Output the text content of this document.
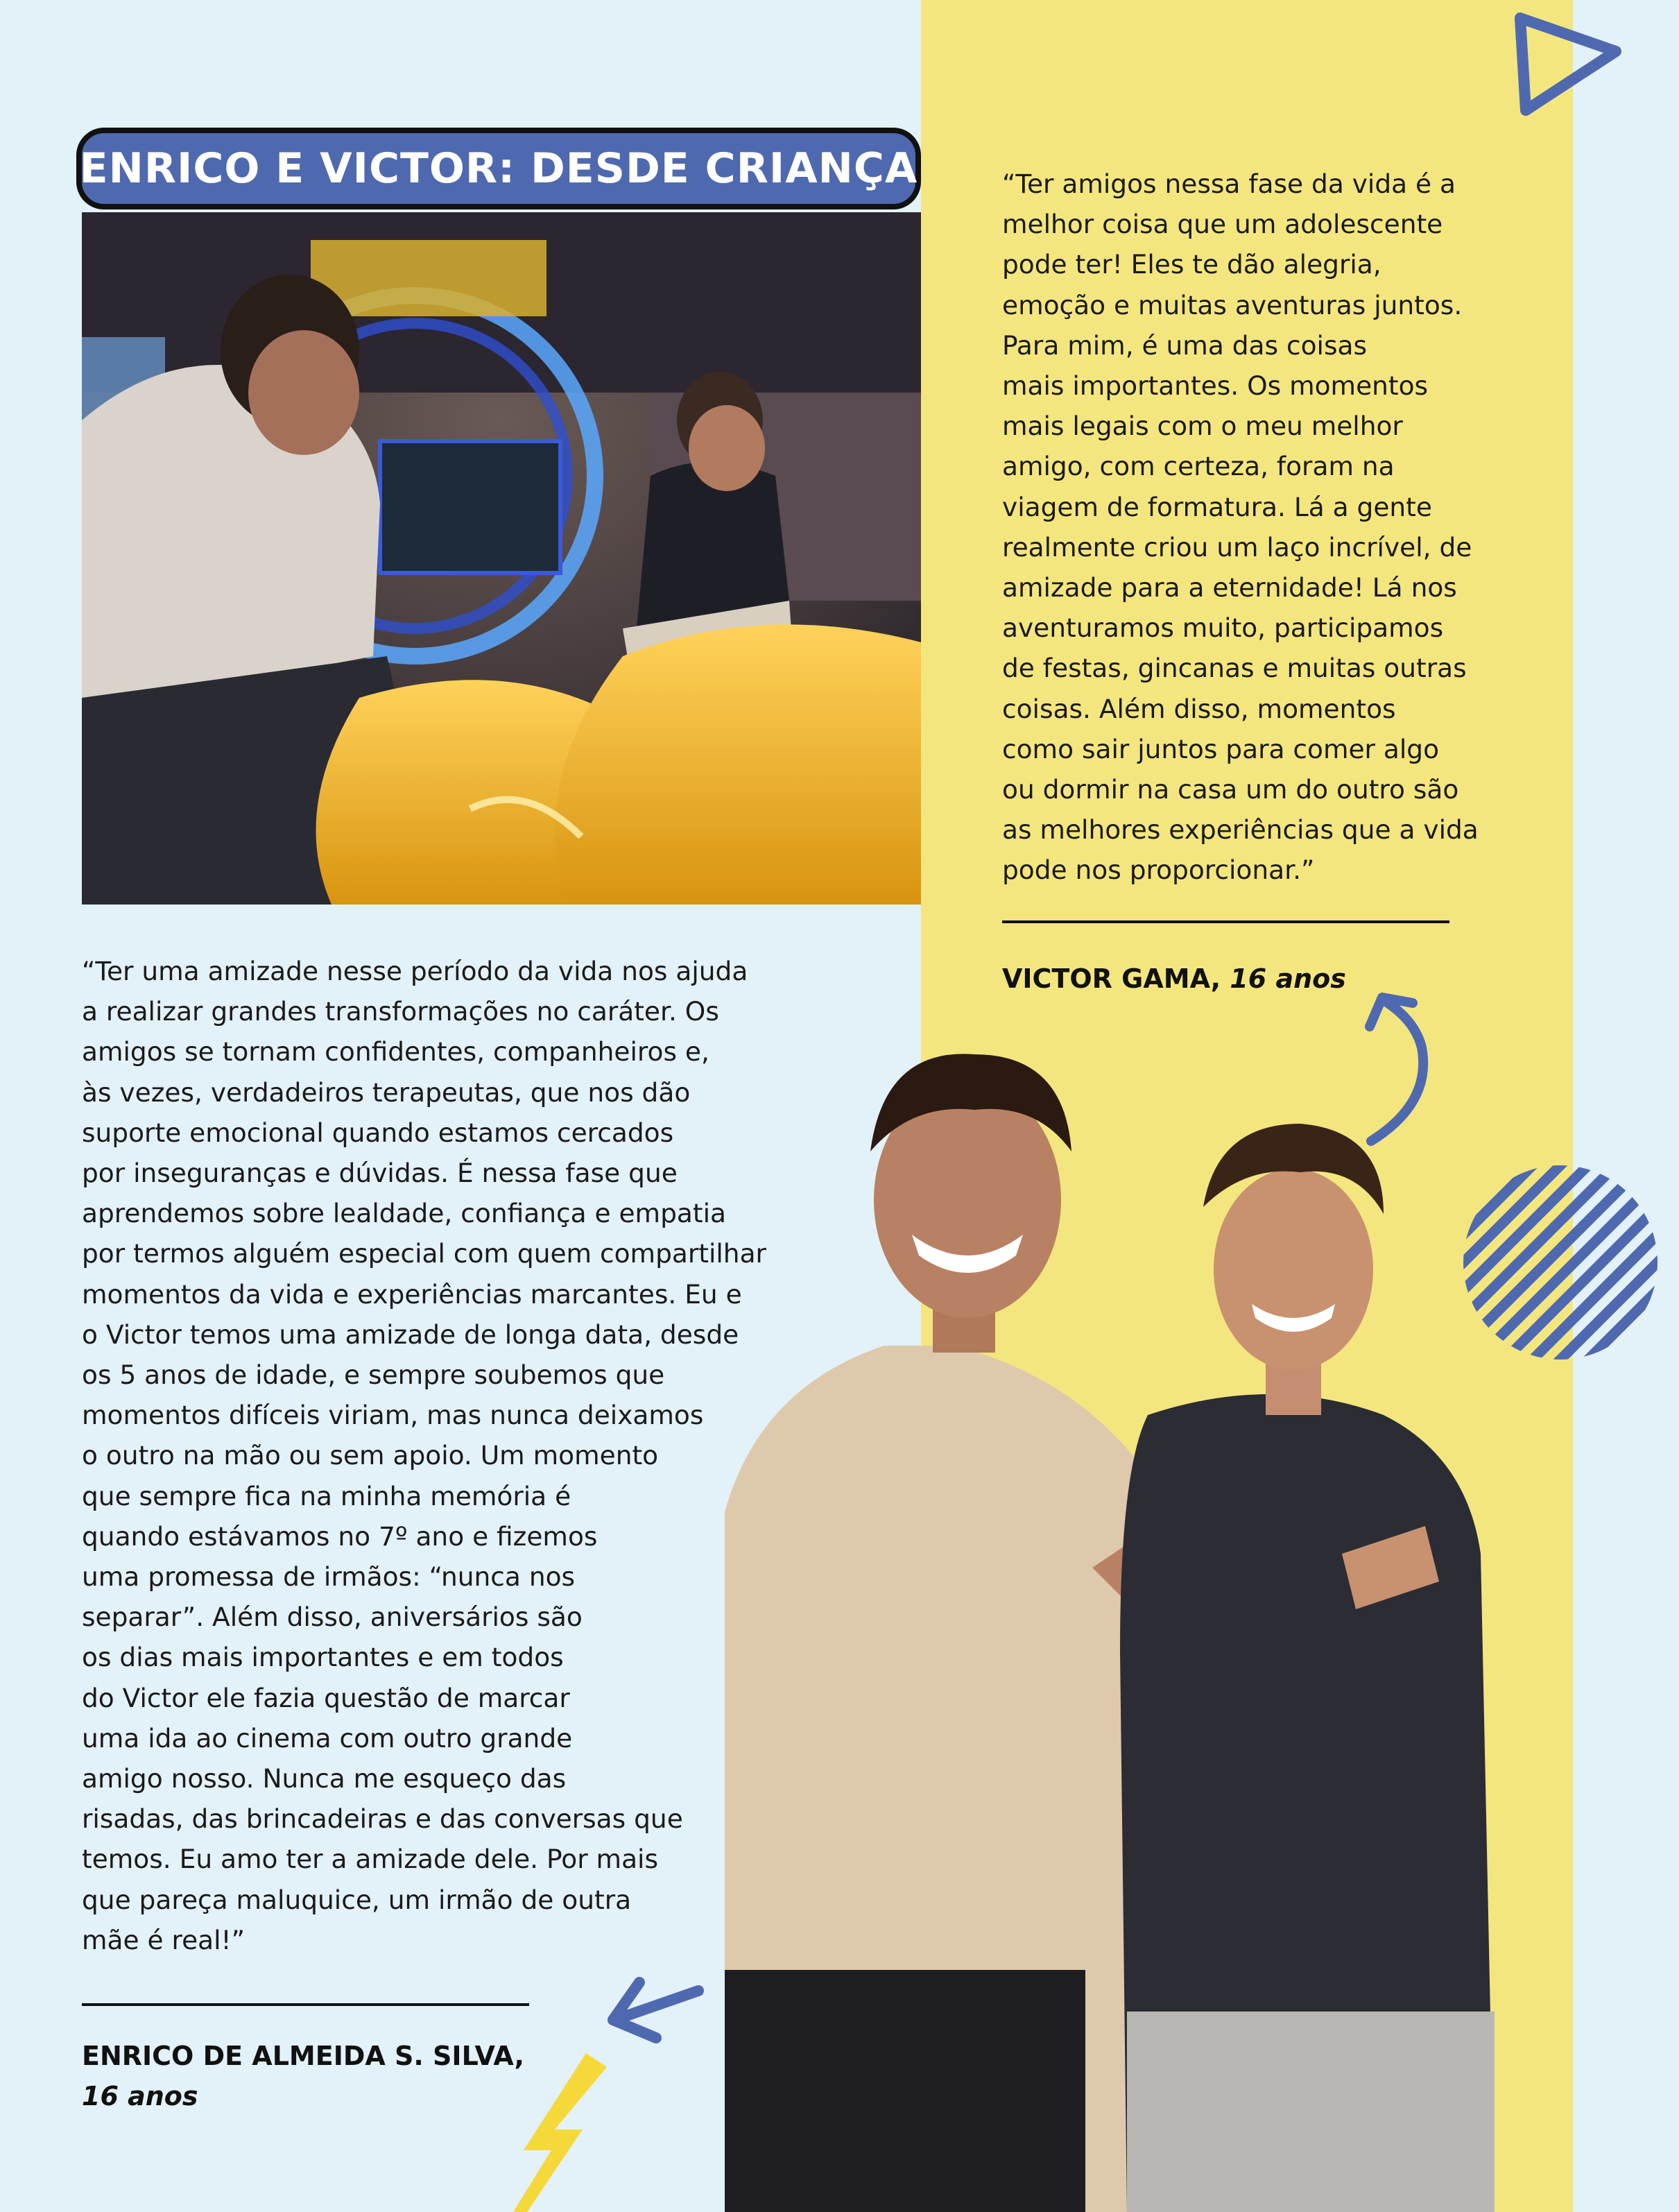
ENRICO E VICTOR: DESDE CRIANÇA	“Ter amigos nessa fase da vida é a
melhor coisa que um adolescente
pode ter! Eles te dão alegria,
emoção e muitas aventuras juntos.
Para mim, é uma das coisas
mais importantes. Os momentos
mais legais com o meu melhor
amigo, com certeza, foram na
viagem de formatura. Lá a gente
realmente criou um laço incrível, de
amizade para a eternidade! Lá nos
aventuramos muito, participamos
de festas, gincanas e muitas outras
coisas. Além disso, momentos
como sair juntos para comer algo
ou dormir na casa um do outro são
as melhores experiências que a vida
pode nos proporcionar.”
VICTOR GAMA, 16 anos
“Ter uma amizade nesse período da vida nos ajuda
a realizar grandes transformações no caráter. Os
amigos se tornam confidentes, companheiros e,
às vezes, verdadeiros terapeutas, que nos dão
suporte emocional quando estamos cercados
por inseguranças e dúvidas. É nessa fase que
aprendemos sobre lealdade, confiança e empatia
por termos alguém especial com quem compartilhar
momentos da vida e experiências marcantes. Eu e
o Victor temos uma amizade de longa data, desde
os 5 anos de idade, e sempre soubemos que
momentos difíceis viriam, mas nunca deixamos
o outro na mão ou sem apoio. Um momento
que sempre fica na minha memória é
quando estávamos no 7º ano e fizemos
uma promessa de irmãos: “nunca nos
separar”. Além disso, aniversários são
os dias mais importantes e em todos
do Victor ele fazia questão de marcar
uma ida ao cinema com outro grande
amigo nosso. Nunca me esqueço das
risadas, das brincadeiras e das conversas que
temos. Eu amo ter a amizade dele. Por mais
que pareça maluquice, um irmão de outra
mãe é real!”
ENRICO DE ALMEIDA S. SILVA,
16 anos
